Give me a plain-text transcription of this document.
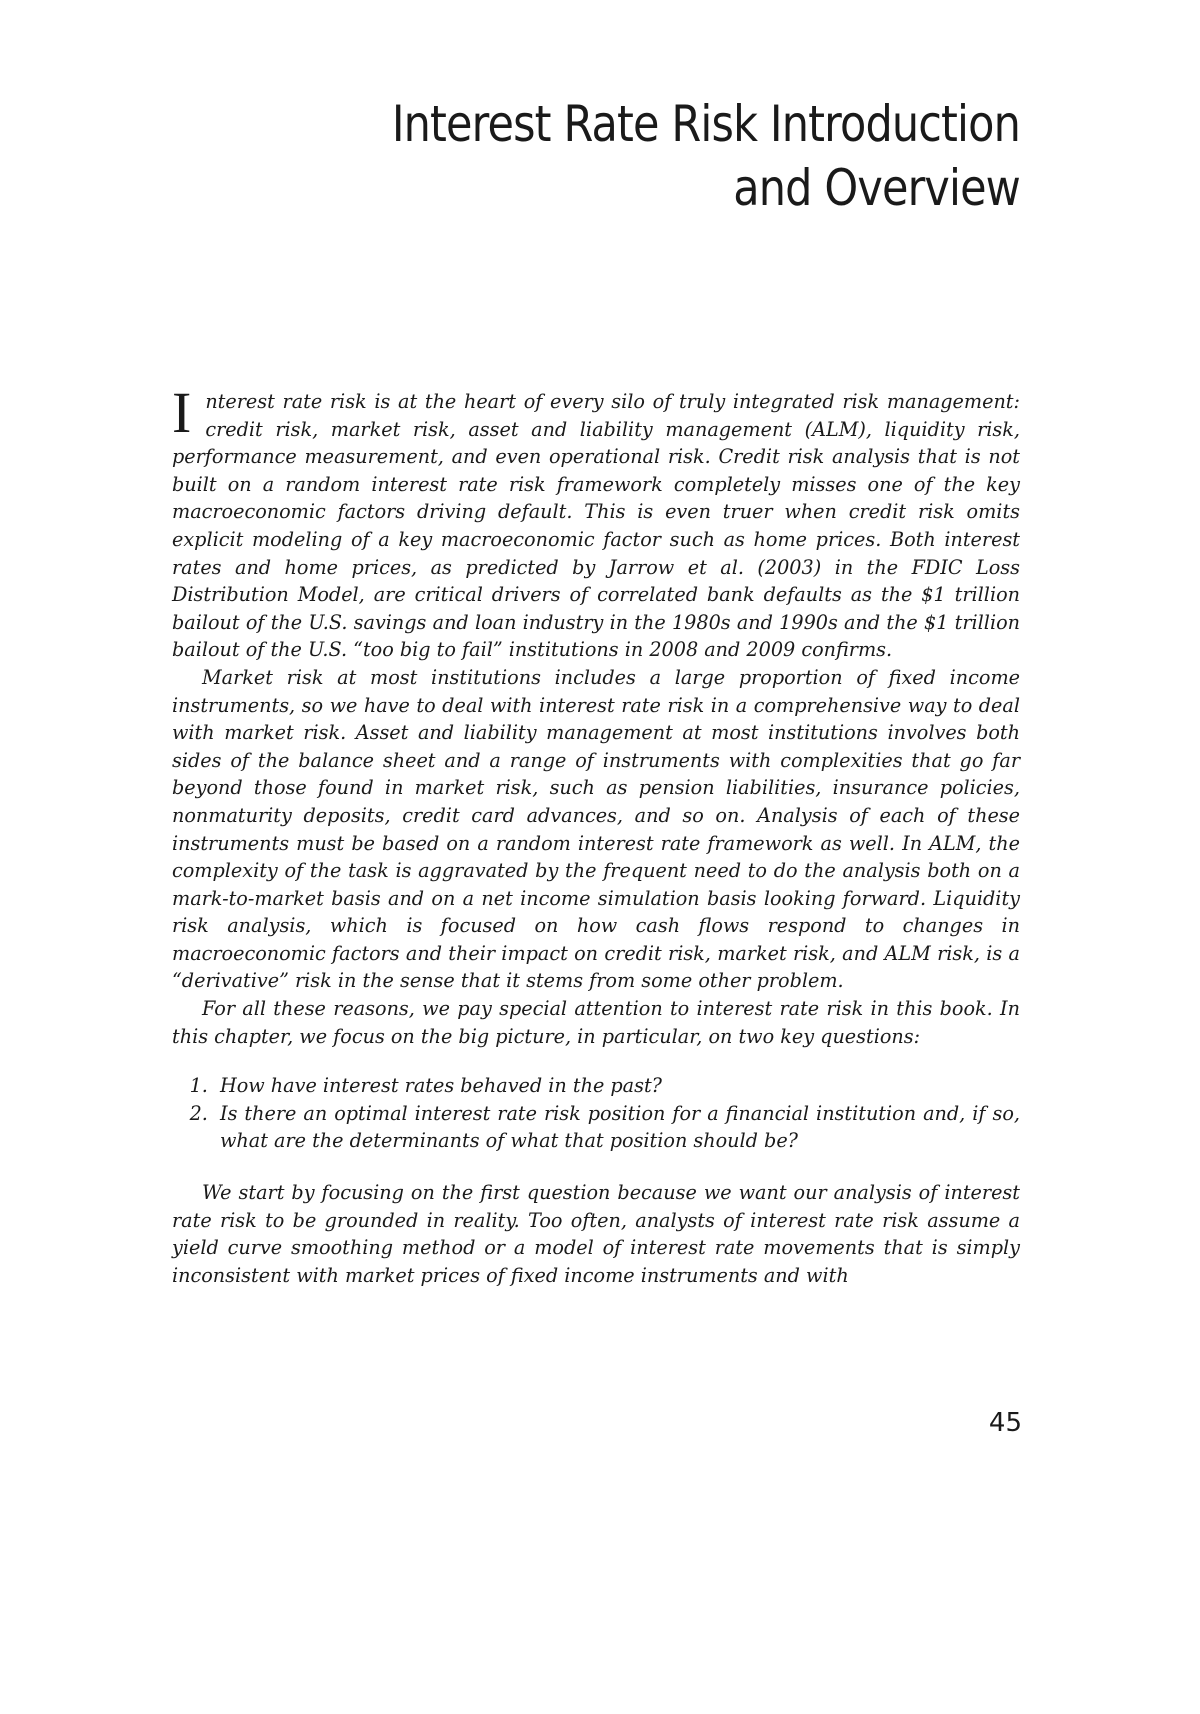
Interest Rate Risk Introduction
and Overview

Interest rate risk is at the heart of every silo of truly integrated risk management: credit risk, market risk, asset and liability management (ALM), liquidity risk, performance measurement, and even operational risk. Credit risk analysis that is not built on a random interest rate risk framework completely misses one of the key macroeconomic factors driving default. This is even truer when credit risk omits explicit modeling of a key macroeconomic factor such as home prices. Both interest rates and home prices, as predicted by Jarrow et al. (2003) in the FDIC Loss Distribution Model, are critical drivers of correlated bank defaults as the $1 trillion bailout of the U.S. savings and loan industry in the 1980s and 1990s and the $1 trillion bailout of the U.S. “too big to fail” institutions in 2008 and 2009 confirms.

Market risk at most institutions includes a large proportion of fixed income instruments, so we have to deal with interest rate risk in a comprehensive way to deal with market risk. Asset and liability management at most institutions involves both sides of the balance sheet and a range of instruments with complexities that go far beyond those found in market risk, such as pension liabilities, insurance policies, nonmaturity deposits, credit card advances, and so on. Analysis of each of these instruments must be based on a random interest rate framework as well. In ALM, the complexity of the task is aggravated by the frequent need to do the analysis both on a mark-to-market basis and on a net income simulation basis looking forward. Liquidity risk analysis, which is focused on how cash flows respond to changes in macroeconomic factors and their impact on credit risk, market risk, and ALM risk, is a “derivative” risk in the sense that it stems from some other problem.

For all these reasons, we pay special attention to interest rate risk in this book. In this chapter, we focus on the big picture, in particular, on two key questions:

1. How have interest rates behaved in the past?
2. Is there an optimal interest rate risk position for a financial institution and, if so, what are the determinants of what that position should be?

We start by focusing on the first question because we want our analysis of interest rate risk to be grounded in reality. Too often, analysts of interest rate risk assume a yield curve smoothing method or a model of interest rate movements that is simply inconsistent with market prices of fixed income instruments and with

45
